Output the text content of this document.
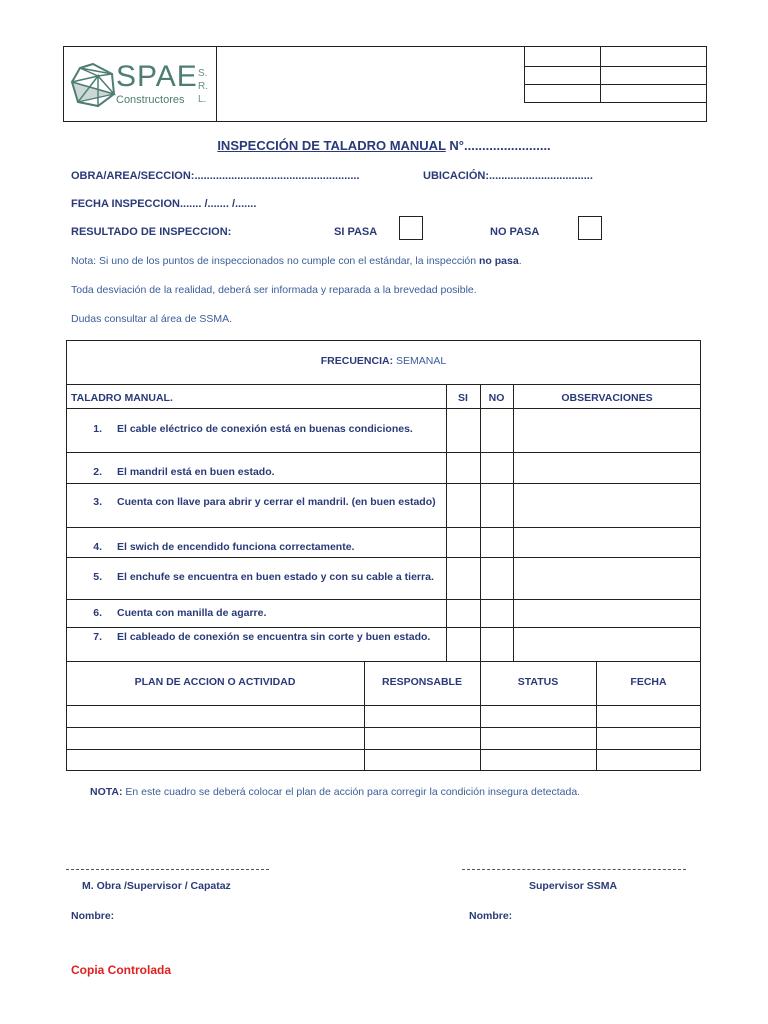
SPAE
Constructores
S.
R.
L.
INSPECCIÓN DE TALADRO MANUAL N°........................
OBRA/AREA/SECCION:......................................................	UBICACIÓN:..................................
FECHA INSPECCION....... /....... /.......
RESULTADO DE INSPECCION:	SI PASA	NO PASA
Nota: Si uno de los puntos de inspeccionados no cumple con el estándar, la inspección no pasa.
Toda desviación de la realidad, deberá ser informada y reparada a la brevedad posible.
Dudas consultar al área de SSMA.
FRECUENCIA: SEMANAL
TALADRO MANUAL.	SI	NO	OBSERVACIONES
1. El cable eléctrico de conexión está en buenas condiciones.
2. El mandril está en buen estado.
3. Cuenta con llave para abrir y cerrar el mandril. (en buen estado)
4. El swich de encendido funciona correctamente.
5. El enchufe se encuentra en buen estado y con su cable a tierra.
6. Cuenta con manilla de agarre.
7. El cableado de conexión se encuentra sin corte y buen estado.
PLAN DE ACCION O ACTIVIDAD	RESPONSABLE	STATUS	FECHA
NOTA: En este cuadro se deberá colocar el plan de acción para corregir la condición insegura detectada.
M. Obra /Supervisor / Capataz	Supervisor SSMA
Nombre:	Nombre:
Copia Controlada
